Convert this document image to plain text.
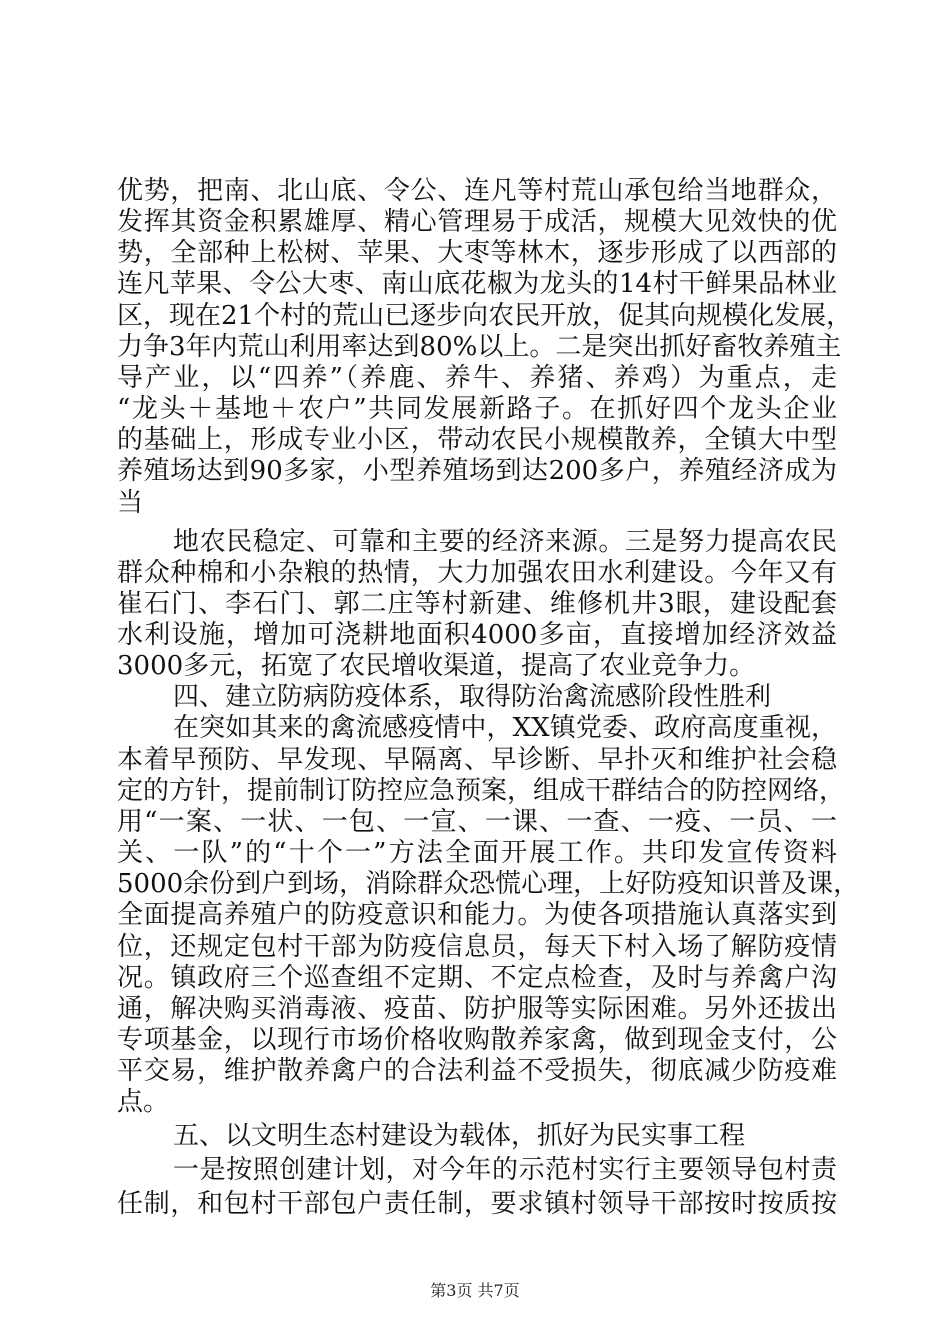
优势，把南、北山底、令公、连凡等村荒山承包给当地群众，
发挥其资金积累雄厚、精心管理易于成活，规模大见效快的优
势，全部种上松树、苹果、大枣等林木，逐步形成了以西部的
连凡苹果、令公大枣、南山底花椒为龙头的14村干鲜果品林业
区，现在21个村的荒山已逐步向农民开放，促其向规模化发展，
力争3年内荒山利用率达到80%以上。二是突出抓好畜牧养殖主
导产业，以“四养”（养鹿、养牛、养猪、养鸡）为重点，走
“龙头＋基地＋农户”共同发展新路子。在抓好四个龙头企业
的基础上，形成专业小区，带动农民小规模散养，全镇大中型
养殖场达到90多家，小型养殖场到达200多户，养殖经济成为
当
地农民稳定、可靠和主要的经济来源。三是努力提高农民
群众种棉和小杂粮的热情，大力加强农田水利建设。今年又有
崔石门、李石门、郭二庄等村新建、维修机井3眼，建设配套
水利设施，增加可浇耕地面积4000多亩，直接增加经济效益
3000多元，拓宽了农民增收渠道，提高了农业竞争力。
四、建立防病防疫体系，取得防治禽流感阶段性胜利
在突如其来的禽流感疫情中，XX镇党委、政府高度重视，
本着早预防、早发现、早隔离、早诊断、早扑灭和维护社会稳
定的方针，提前制订防控应急预案，组成干群结合的防控网络，
用“一案、一状、一包、一宣、一课、一查、一疫、一员、一
关、一队”的“十个一”方法全面开展工作。共印发宣传资料
5000余份到户到场，消除群众恐慌心理，上好防疫知识普及课，
全面提高养殖户的防疫意识和能力。为使各项措施认真落实到
位，还规定包村干部为防疫信息员，每天下村入场了解防疫情
况。镇政府三个巡查组不定期、不定点检查，及时与养禽户沟
通，解决购买消毒液、疫苗、防护服等实际困难。另外还拔出
专项基金，以现行市场价格收购散养家禽，做到现金支付，公
平交易，维护散养禽户的合法利益不受损失，彻底减少防疫难
点。
第3页 共7页
五、以文明生态村建设为载体，抓好为民实事工程
一是按照创建计划，对今年的示范村实行主要领导包村责
任制，和包村干部包户责任制，要求镇村领导干部按时按质按
